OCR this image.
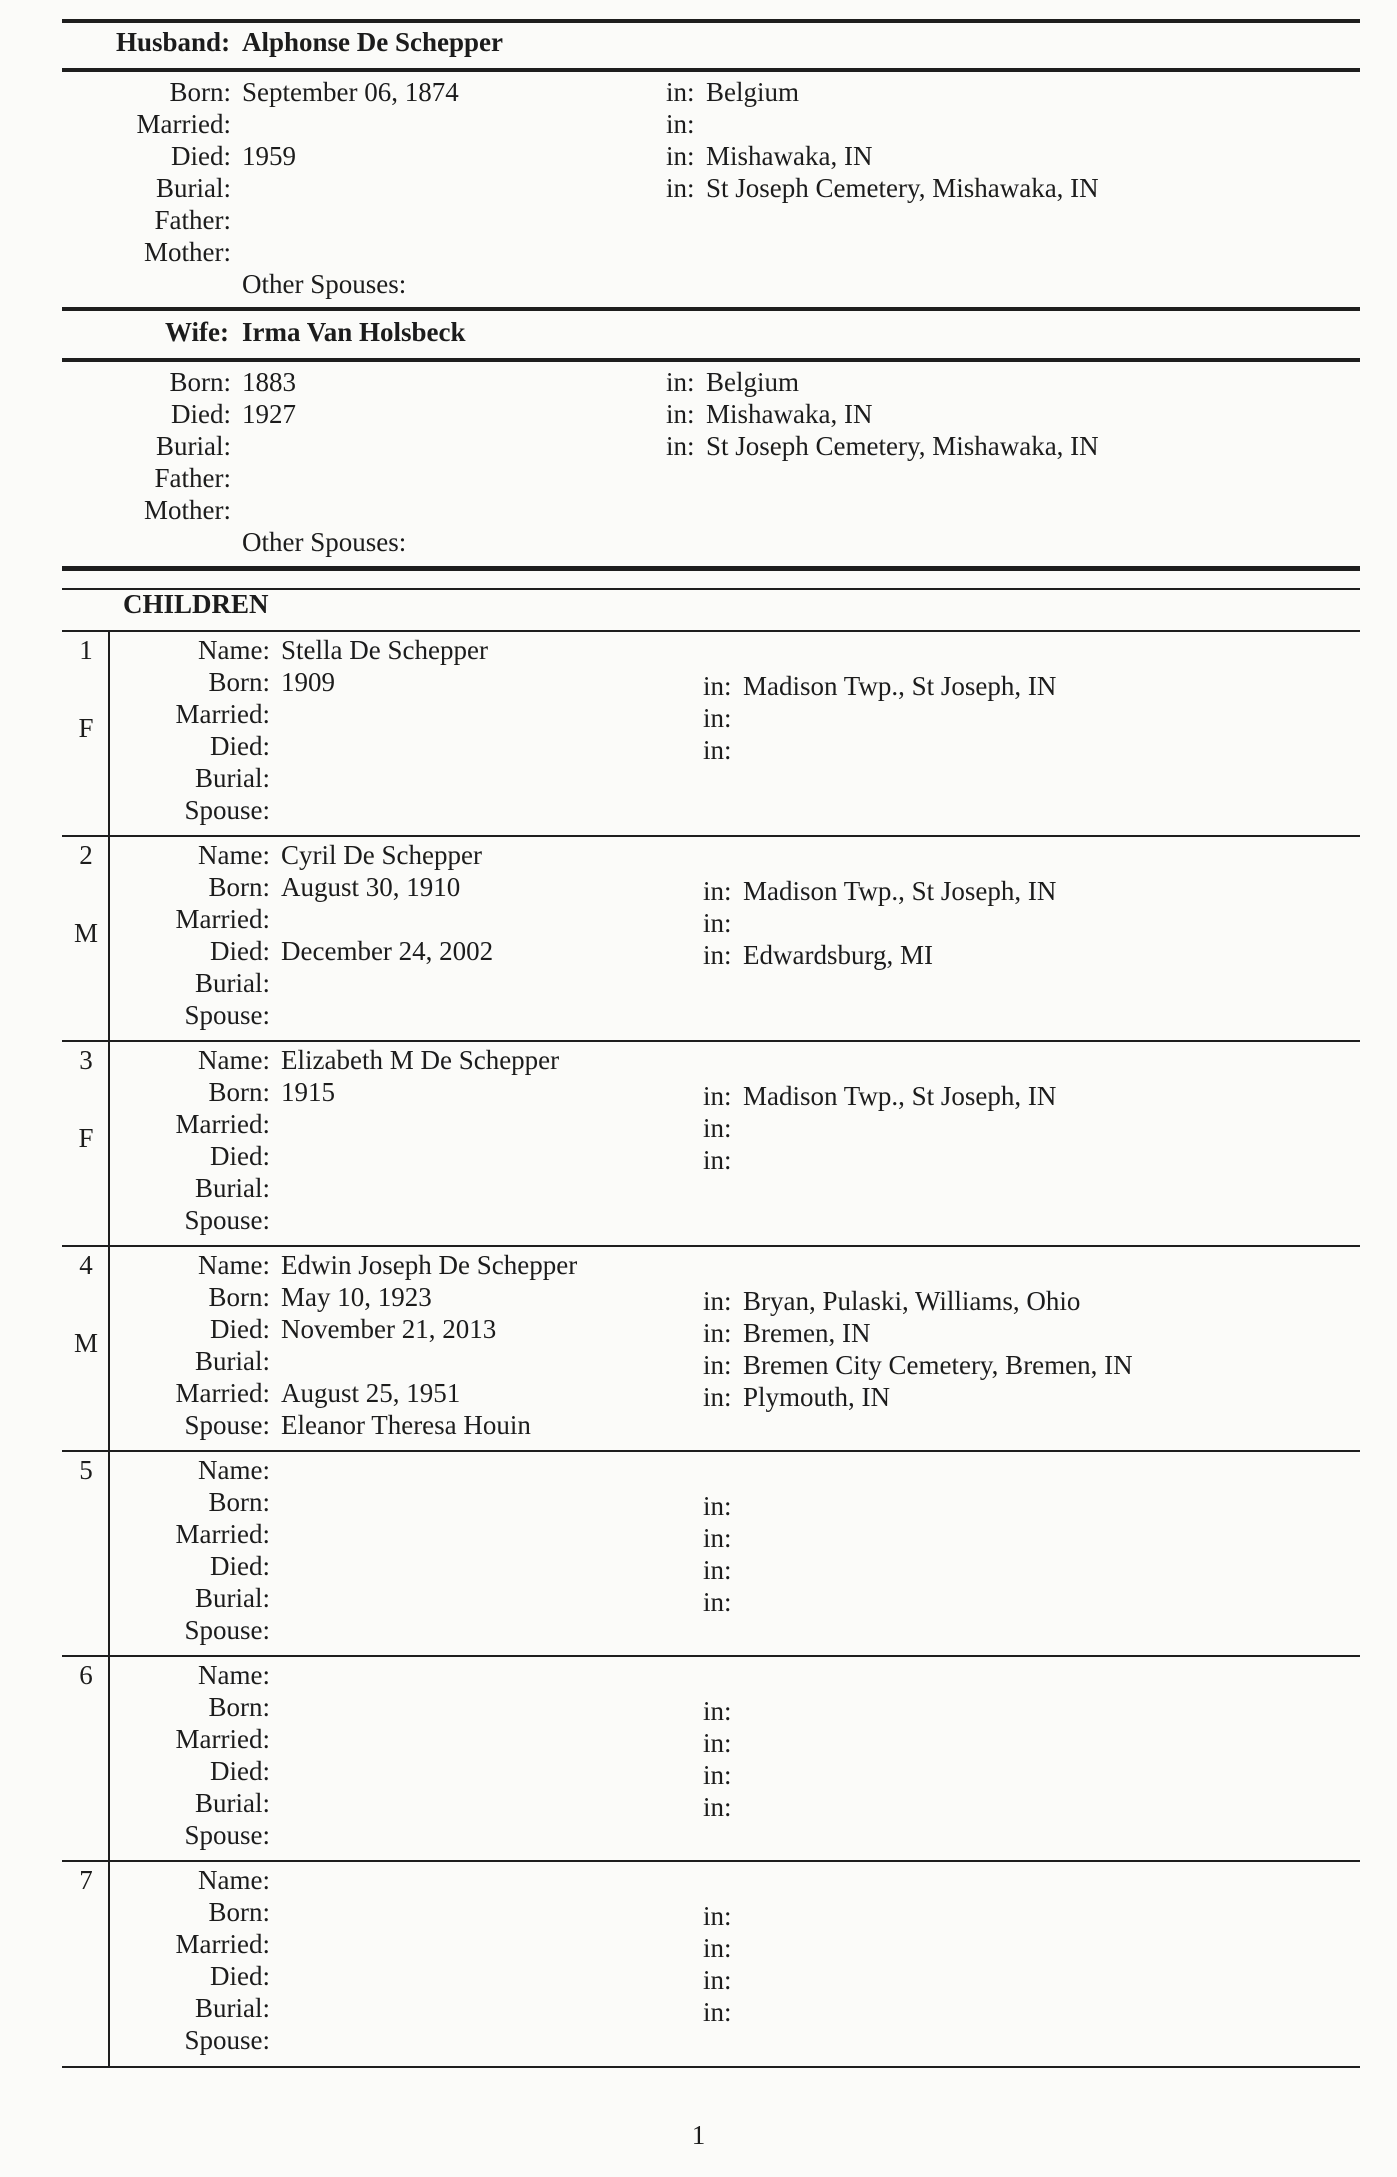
Husband: Alphonse De Schepper
Born: September 06, 1874	in: Belgium
Married:	in:
Died: 1959	in: Mishawaka, IN
Burial:	in: St Joseph Cemetery, Mishawaka, IN
Father:
Mother:
Other Spouses:
Wife: Irma Van Holsbeck
Born: 1883	in: Belgium
Died: 1927	in: Mishawaka, IN
Burial:	in: St Joseph Cemetery, Mishawaka, IN
Father:
Mother:
Other Spouses:
CHILDREN
1
F
Name: Stella De Schepper
Born: 1909	in: Madison Twp., St Joseph, IN
Married:	in:
Died:	in:
Burial:
Spouse:
2
M
Name: Cyril De Schepper
Born: August 30, 1910	in: Madison Twp., St Joseph, IN
Married:	in:
Died: December 24, 2002	in: Edwardsburg, MI
Burial:
Spouse:
3
F
Name: Elizabeth M De Schepper
Born: 1915	in: Madison Twp., St Joseph, IN
Married:	in:
Died:	in:
Burial:
Spouse:
4
M
Name: Edwin Joseph De Schepper
Born: May 10, 1923	in: Bryan, Pulaski, Williams, Ohio
Died: November 21, 2013	in: Bremen, IN
Burial:	in: Bremen City Cemetery, Bremen, IN
Married: August 25, 1951	in: Plymouth, IN
Spouse: Eleanor Theresa Houin
5	Name:
Born:	in:
Married:	in:
Died:	in:
Burial:	in:
Spouse:
6	Name:
Born:	in:
Married:	in:
Died:	in:
Burial:	in:
Spouse:
7	Name:
Born:	in:
Married:	in:
Died:	in:
Burial:	in:
Spouse:
1
